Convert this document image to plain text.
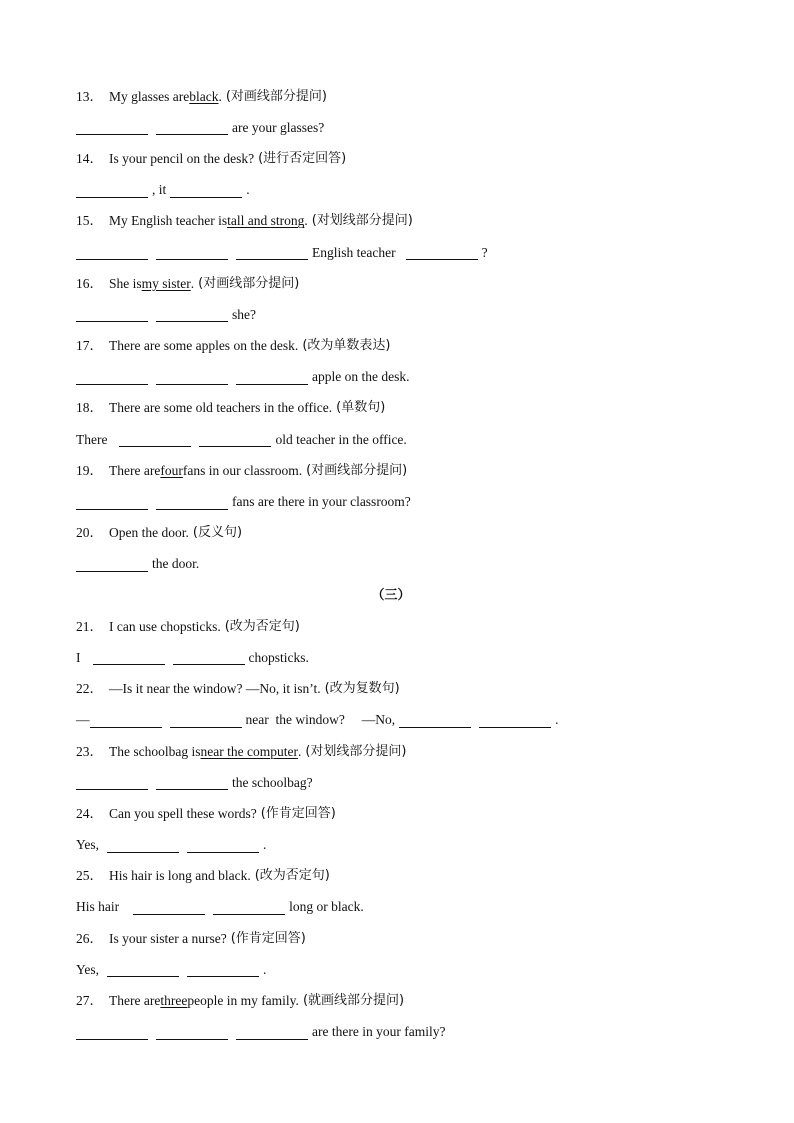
13． My glasses are black . (对画线部分提问)
are your glasses?
14． Is your pencil on the desk? (进行否定回答)
, it	.
15． My English teacher is tall and strong . (对划线部分提问)
English teacher	?
16． She is my sister . (对画线部分提问)
she?
17． There are some apples on the desk. (改为单数表达)
apple on the desk.
18． There are some old teachers in the office. (单数句)
There	old teacher in the office.
19． There are four fans in our classroom. (对画线部分提问)
fans are there in your classroom?
20． Open the door. (反义句)
the door.
（三）
21． I can use chopsticks. (改为否定句)
I	chopsticks.
22． —Is it near the window? —No, it isn’t. (改为复数句)
—	near  the window?     —No,	.
23． The schoolbag is near the computer . (对划线部分提问)
the schoolbag?
24． Can you spell these words? (作肯定回答)
Yes,	.
25． His hair is long and black. (改为否定句)
His hair	long or black.
26． Is your sister a nurse? (作肯定回答)
Yes,	.
27． There are three people in my family. (就画线部分提问)
are there in your family?
